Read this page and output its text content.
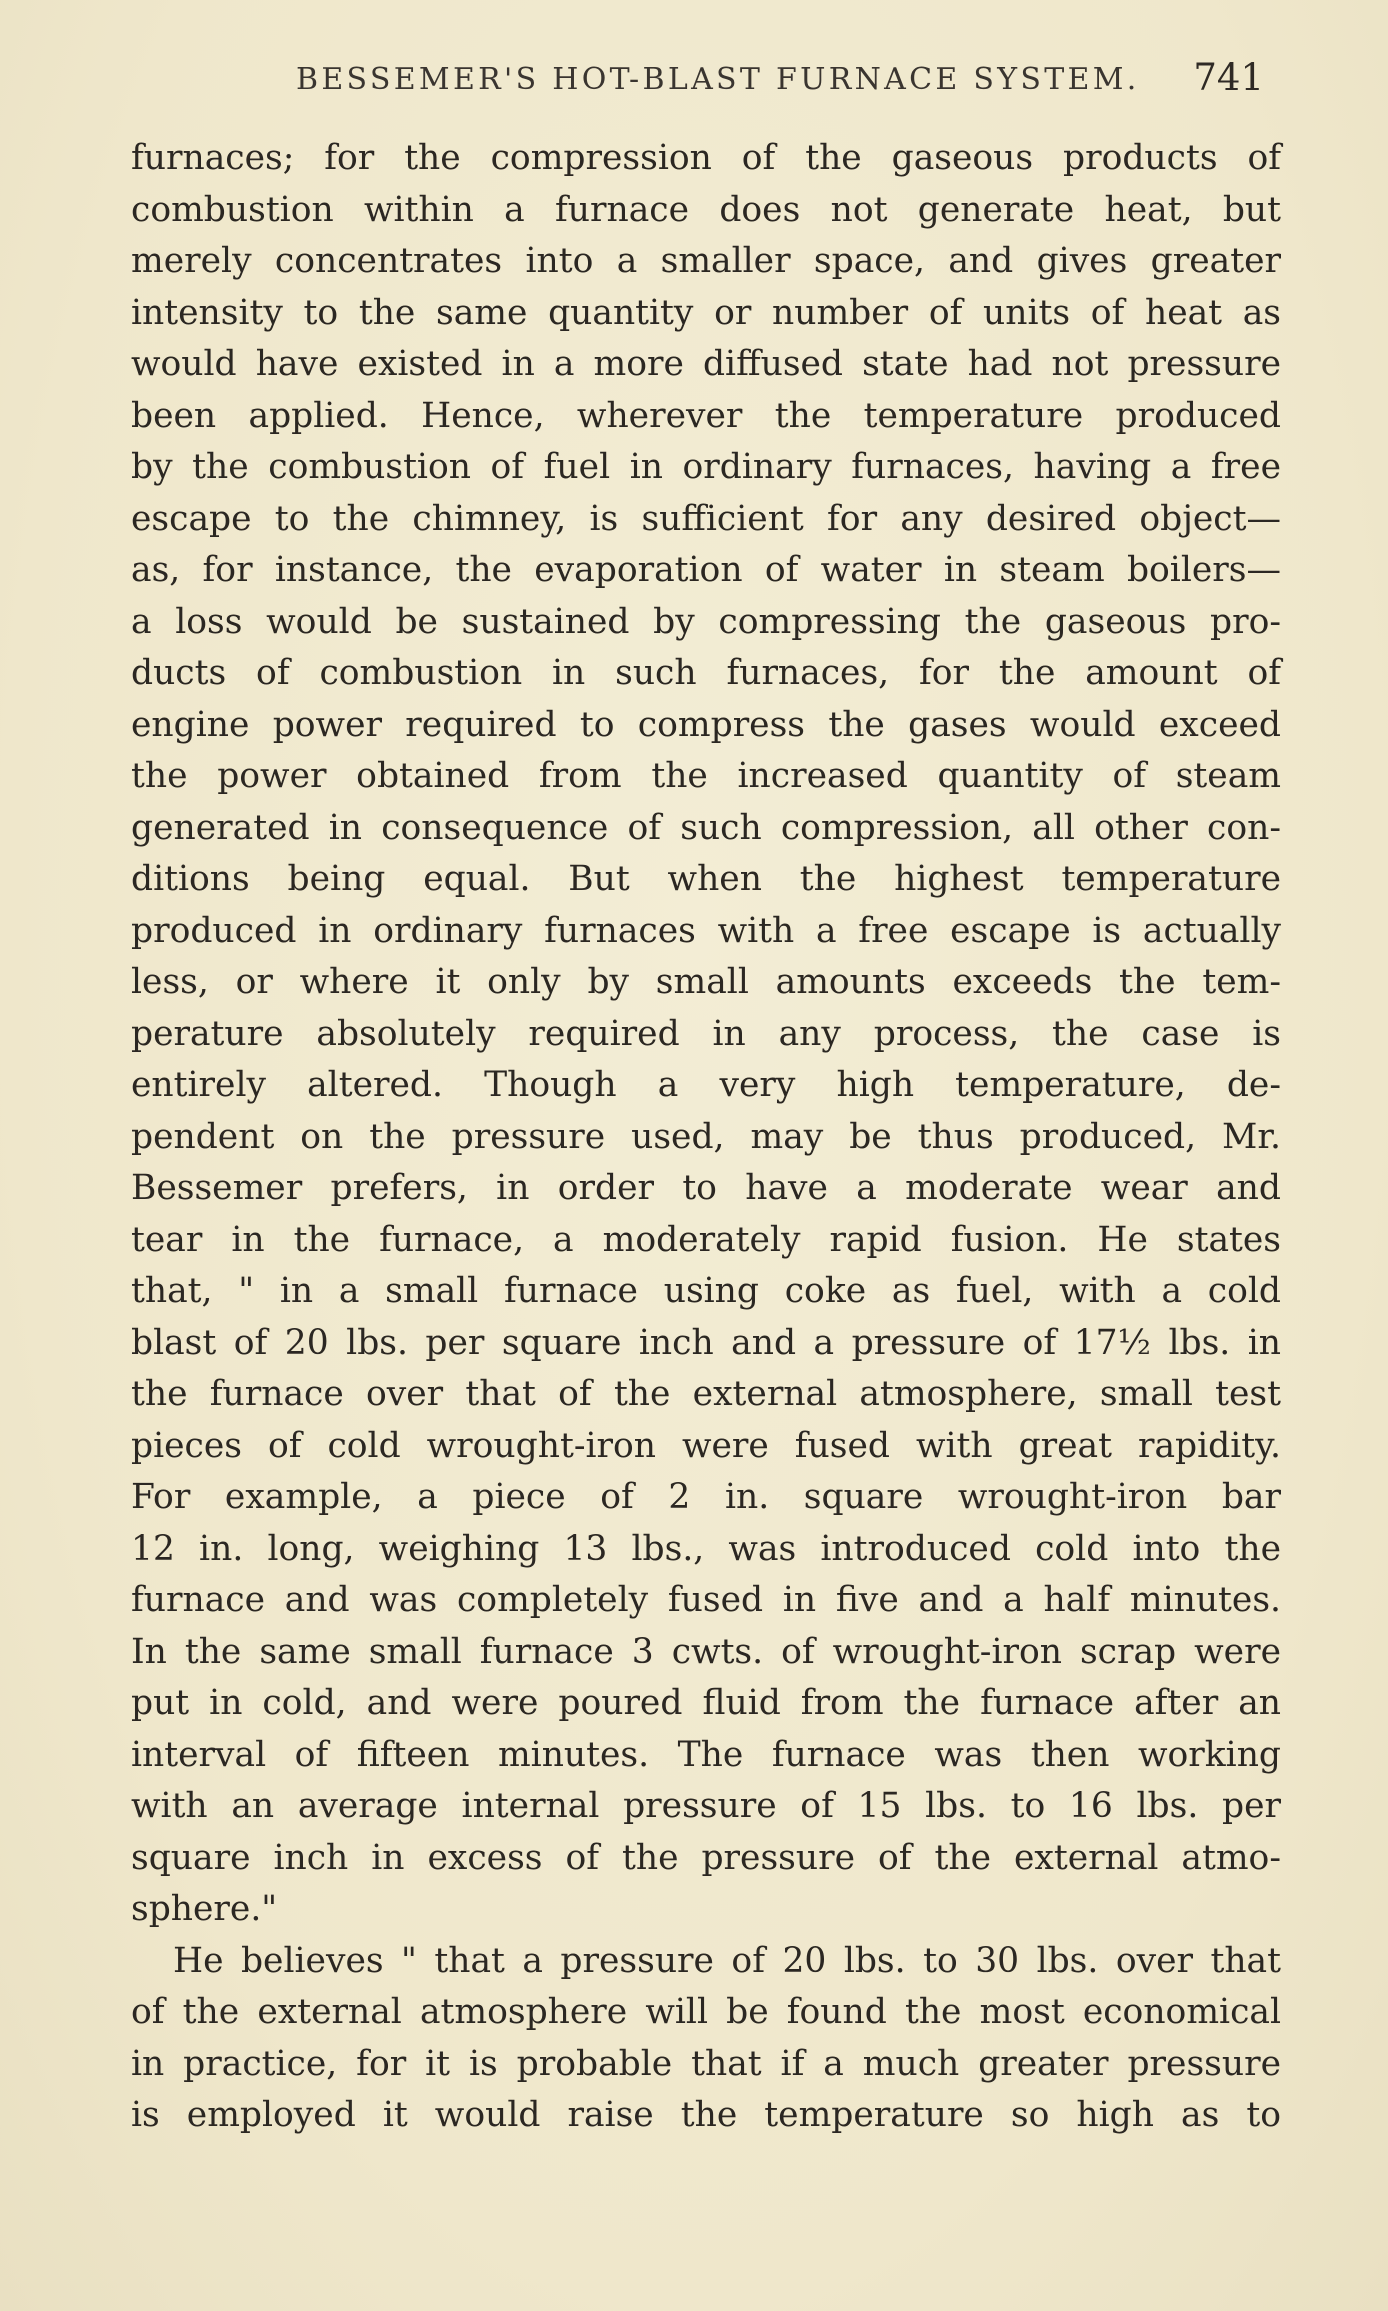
BESSEMER'S HOT-BLAST FURNACE SYSTEM. 741
furnaces; for the compression of the gaseous products of
combustion within a furnace does not generate heat, but
merely concentrates into a smaller space, and gives greater
intensity to the same quantity or number of units of heat as
would have existed in a more diffused state had not pressure
been applied. Hence, wherever the temperature produced
by the combustion of fuel in ordinary furnaces, having a free
escape to the chimney, is sufficient for any desired object—
as, for instance, the evaporation of water in steam boilers—
a loss would be sustained by compressing the gaseous pro-
ducts of combustion in such furnaces, for the amount of
engine power required to compress the gases would exceed
the power obtained from the increased quantity of steam
generated in consequence of such compression, all other con-
ditions being equal. But when the highest temperature
produced in ordinary furnaces with a free escape is actually
less, or where it only by small amounts exceeds the tem-
perature absolutely required in any process, the case is
entirely altered. Though a very high temperature, de-
pendent on the pressure used, may be thus produced, Mr.
Bessemer prefers, in order to have a moderate wear and
tear in the furnace, a moderately rapid fusion. He states
that, " in a small furnace using coke as fuel, with a cold
blast of 20 lbs. per square inch and a pressure of 17½ lbs. in
the furnace over that of the external atmosphere, small test
pieces of cold wrought-iron were fused with great rapidity.
For example, a piece of 2 in. square wrought-iron bar
12 in. long, weighing 13 lbs., was introduced cold into the
furnace and was completely fused in five and a half minutes.
In the same small furnace 3 cwts. of wrought-iron scrap were
put in cold, and were poured fluid from the furnace after an
interval of fifteen minutes. The furnace was then working
with an average internal pressure of 15 lbs. to 16 lbs. per
square inch in excess of the pressure of the external atmo-
sphere."
He believes " that a pressure of 20 lbs. to 30 lbs. over that
of the external atmosphere will be found the most economical
in practice, for it is probable that if a much greater pressure
is employed it would raise the temperature so high as to
